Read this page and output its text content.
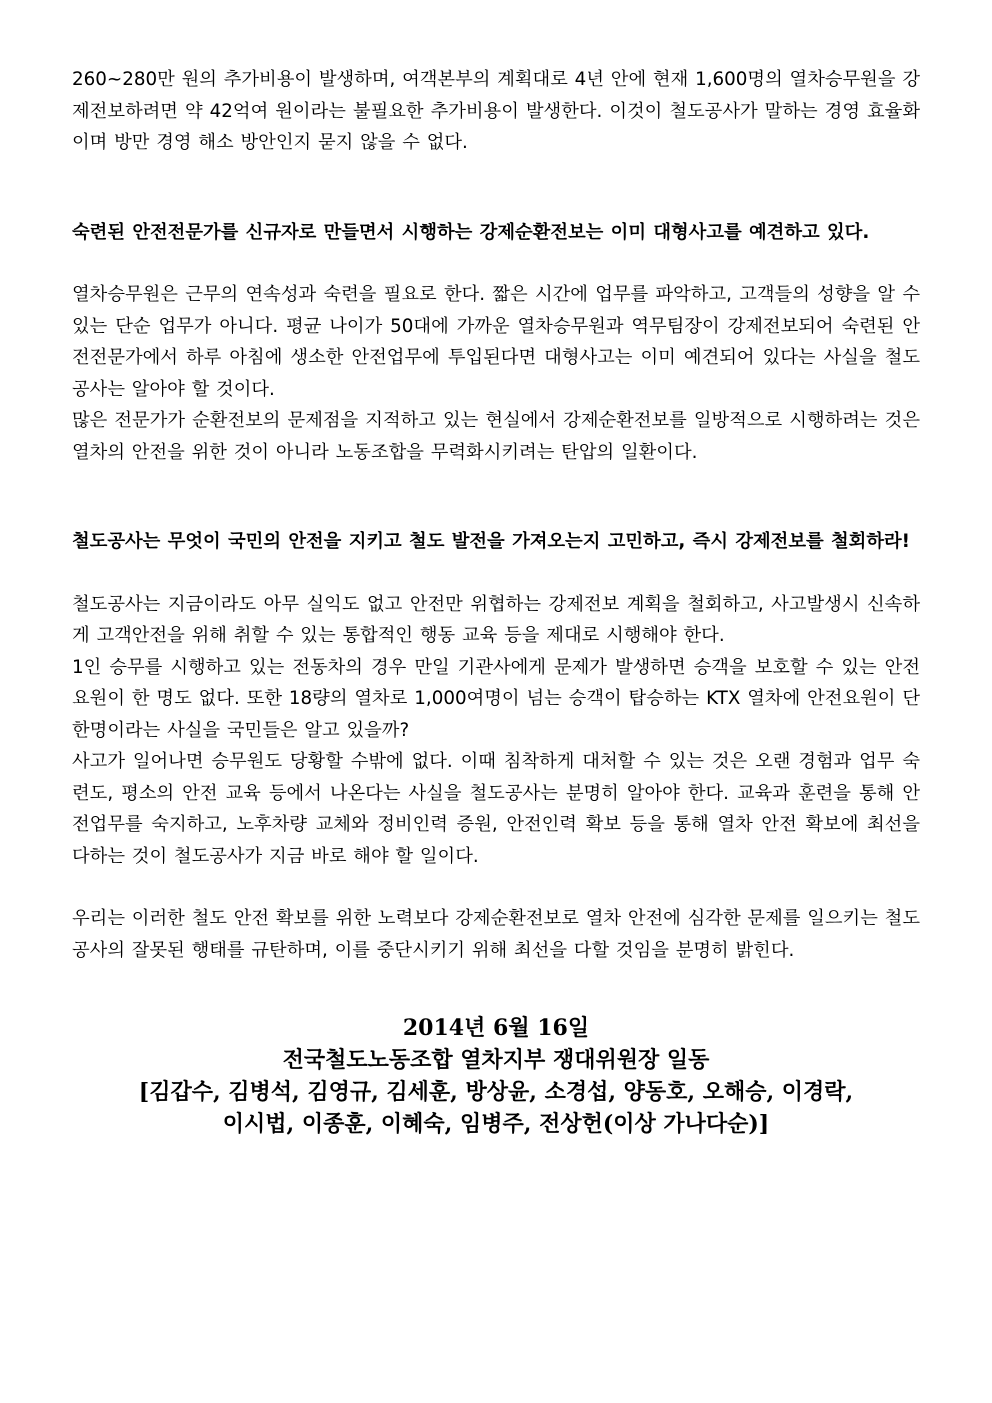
260~280만 원의 추가비용이 발생하며, 여객본부의 계획대로 4년 안에 현재 1,600명의 열차승무원을 강제전보하려면 약 42억여 원이라는 불필요한 추가비용이 발생한다. 이것이 철도공사가 말하는 경영 효율화이며 방만 경영 해소 방안인지 묻지 않을 수 없다.

숙련된 안전전문가를 신규자로 만들면서 시행하는 강제순환전보는 이미 대형사고를 예견하고 있다.

열차승무원은 근무의 연속성과 숙련을 필요로 한다. 짧은 시간에 업무를 파악하고, 고객들의 성향을 알 수 있는 단순 업무가 아니다. 평균 나이가 50대에 가까운 열차승무원과 역무팀장이 강제전보되어 숙련된 안전전문가에서 하루 아침에 생소한 안전업무에 투입된다면 대형사고는 이미 예견되어 있다는 사실을 철도공사는 알아야 할 것이다.

많은 전문가가 순환전보의 문제점을 지적하고 있는 현실에서 강제순환전보를 일방적으로 시행하려는 것은 열차의 안전을 위한 것이 아니라 노동조합을 무력화시키려는 탄압의 일환이다.

철도공사는 무엇이 국민의 안전을 지키고 철도 발전을 가져오는지 고민하고, 즉시 강제전보를 철회하라!

철도공사는 지금이라도 아무 실익도 없고 안전만 위협하는 강제전보 계획을 철회하고, 사고발생시 신속하게 고객안전을 위해 취할 수 있는 통합적인 행동 교육 등을 제대로 시행해야 한다.

1인 승무를 시행하고 있는 전동차의 경우 만일 기관사에게 문제가 발생하면 승객을 보호할 수 있는 안전요원이 한 명도 없다. 또한 18량의 열차로 1,000여명이 넘는 승객이 탑승하는 KTX 열차에 안전요원이 단 한명이라는 사실을 국민들은 알고 있을까?

사고가 일어나면 승무원도 당황할 수밖에 없다. 이때 침착하게 대처할 수 있는 것은 오랜 경험과 업무 숙련도, 평소의 안전 교육 등에서 나온다는 사실을 철도공사는 분명히 알아야 한다. 교육과 훈련을 통해 안전업무를 숙지하고, 노후차량 교체와 정비인력 증원, 안전인력 확보 등을 통해 열차 안전 확보에 최선을 다하는 것이 철도공사가 지금 바로 해야 할 일이다.

우리는 이러한 철도 안전 확보를 위한 노력보다 강제순환전보로 열차 안전에 심각한 문제를 일으키는 철도공사의 잘못된 행태를 규탄하며, 이를 중단시키기 위해 최선을 다할 것임을 분명히 밝힌다.

2014년 6월 16일
전국철도노동조합 열차지부 쟁대위원장 일동
[김갑수, 김병석, 김영규, 김세훈, 방상윤, 소경섭, 양동호, 오해승, 이경락,
이시법, 이종훈, 이혜숙, 임병주, 전상헌(이상 가나다순)]
